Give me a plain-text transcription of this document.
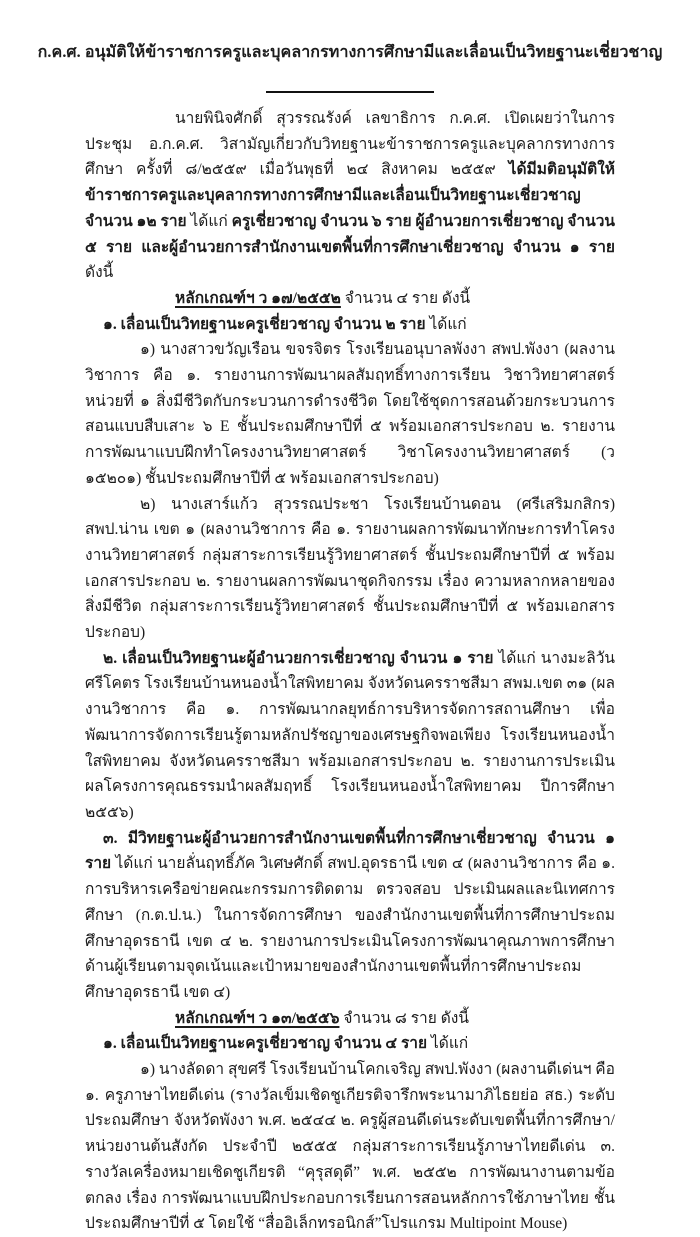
ก.ค.ศ. อนุมัติให้ข้าราชการครูและบุคลากรทางการศึกษามีและเลื่อนเป็นวิทยฐานะเชี่ยวชาญ

นายพินิจศักดิ์ สุวรรณรังค์ เลขาธิการ ก.ค.ศ. เปิดเผยว่าในการประชุม อ.ก.ค.ศ. วิสามัญเกี่ยวกับวิทยฐานะข้าราชการครูและบุคลากรทางการศึกษา ครั้งที่ ๘/๒๕๕๙ เมื่อวันพุธที่ ๒๔ สิงหาคม ๒๕๕๙ ได้มีมติอนุมัติให้ข้าราชการครูและบุคลากรทางการศึกษามีและเลื่อนเป็นวิทยฐานะเชี่ยวชาญ จำนวน ๑๒ ราย ได้แก่ ครูเชี่ยวชาญ จำนวน ๖ ราย ผู้อำนวยการเชี่ยวชาญ จำนวน ๕ ราย และผู้อำนวยการสำนักงานเขตพื้นที่การศึกษาเชี่ยวชาญ จำนวน ๑ ราย ดังนี้

หลักเกณฑ์ฯ ว ๑๗/๒๕๕๒ จำนวน ๔ ราย ดังนี้

๑. เลื่อนเป็นวิทยฐานะครูเชี่ยวชาญ จำนวน ๒ ราย ได้แก่

๑) นางสาวขวัญเรือน ขจรจิตร โรงเรียนอนุบาลพังงา สพป.พังงา (ผลงานวิชาการ คือ ๑. รายงานการพัฒนาผลสัมฤทธิ์ทางการเรียน วิชาวิทยาศาสตร์ หน่วยที่ ๑ สิ่งมีชีวิตกับกระบวนการดำรงชีวิต โดยใช้ชุดการสอนด้วยกระบวนการสอนแบบสืบเสาะ ๖ E ชั้นประถมศึกษาปีที่ ๕ พร้อมเอกสารประกอบ ๒. รายงานการพัฒนาแบบฝึกทำโครงงานวิทยาศาสตร์ วิชาโครงงานวิทยาศาสตร์ (ว ๑๕๒๐๑) ชั้นประถมศึกษาปีที่ ๕ พร้อมเอกสารประกอบ)

๒) นางเสาร์แก้ว สุวรรณประชา โรงเรียนบ้านดอน (ศรีเสริมกสิกร) สพป.น่าน เขต ๑ (ผลงานวิชาการ คือ ๑. รายงานผลการพัฒนาทักษะการทำโครงงานวิทยาศาสตร์ กลุ่มสาระการเรียนรู้วิทยาศาสตร์ ชั้นประถมศึกษาปีที่ ๕ พร้อมเอกสารประกอบ ๒. รายงานผลการพัฒนาชุดกิจกรรม เรื่อง ความหลากหลายของสิ่งมีชีวิต กลุ่มสาระการเรียนรู้วิทยาศาสตร์ ชั้นประถมศึกษาปีที่ ๕ พร้อมเอกสารประกอบ)

๒. เลื่อนเป็นวิทยฐานะผู้อำนวยการเชี่ยวชาญ จำนวน ๑ ราย ได้แก่ นางมะลิวัน ศรีโคตร โรงเรียนบ้านหนองน้ำใสพิทยาคม จังหวัดนครราชสีมา สพม.เขต ๓๑ (ผลงานวิชาการ คือ ๑. การพัฒนากลยุทธ์การบริหารจัดการสถานศึกษา เพื่อพัฒนาการจัดการเรียนรู้ตามหลักปรัชญาของเศรษฐกิจพอเพียง โรงเรียนหนองน้ำใสพิทยาคม จังหวัดนครราชสีมา พร้อมเอกสารประกอบ ๒. รายงานการประเมินผลโครงการคุณธรรมนำผลสัมฤทธิ์ โรงเรียนหนองน้ำใสพิทยาคม ปีการศึกษา ๒๕๕๖)

๓. มีวิทยฐานะผู้อำนวยการสำนักงานเขตพื้นที่การศึกษาเชี่ยวชาญ จำนวน ๑ ราย ได้แก่ นายลั่นฤทธิ์ภัค วิเศษศักดิ์ สพป.อุดรธานี เขต ๔ (ผลงานวิชาการ คือ ๑. การบริหารเครือข่ายคณะกรรมการติดตาม ตรวจสอบ ประเมินผลและนิเทศการศึกษา (ก.ต.ป.น.) ในการจัดการศึกษา ของสำนักงานเขตพื้นที่การศึกษาประถมศึกษาอุดรธานี เขต ๔ ๒. รายงานการประเมินโครงการพัฒนาคุณภาพการศึกษาด้านผู้เรียนตามจุดเน้นและเป้าหมายของสำนักงานเขตพื้นที่การศึกษาประถมศึกษาอุดรธานี เขต ๔)

หลักเกณฑ์ฯ ว ๑๓/๒๕๕๖ จำนวน ๘ ราย ดังนี้

๑. เลื่อนเป็นวิทยฐานะครูเชี่ยวชาญ จำนวน ๔ ราย ได้แก่

๑) นางลัดดา สุขศรี โรงเรียนบ้านโคกเจริญ สพป.พังงา (ผลงานดีเด่นฯ คือ ๑. ครูภาษาไทยดีเด่น (รางวัลเข็มเชิดชูเกียรติจารึกพระนามาภิไธยย่อ สธ.) ระดับประถมศึกษา จังหวัดพังงา พ.ศ. ๒๕๔๔ ๒. ครูผู้สอนดีเด่นระดับเขตพื้นที่การศึกษา/หน่วยงานต้นสังกัด ประจำปี ๒๕๕๕ กลุ่มสาระการเรียนรู้ภาษาไทยดีเด่น ๓. รางวัลเครื่องหมายเชิดชูเกียรติ “คุรุสดุดี” พ.ศ. ๒๕๕๒ การพัฒนางานตามข้อตกลง เรื่อง การพัฒนาแบบฝึกประกอบการเรียนการสอนหลักการใช้ภาษาไทย ชั้นประถมศึกษาปีที่ ๕ โดยใช้ “สื่ออิเล็กทรอนิกส์”โปรแกรม Multipoint Mouse)
